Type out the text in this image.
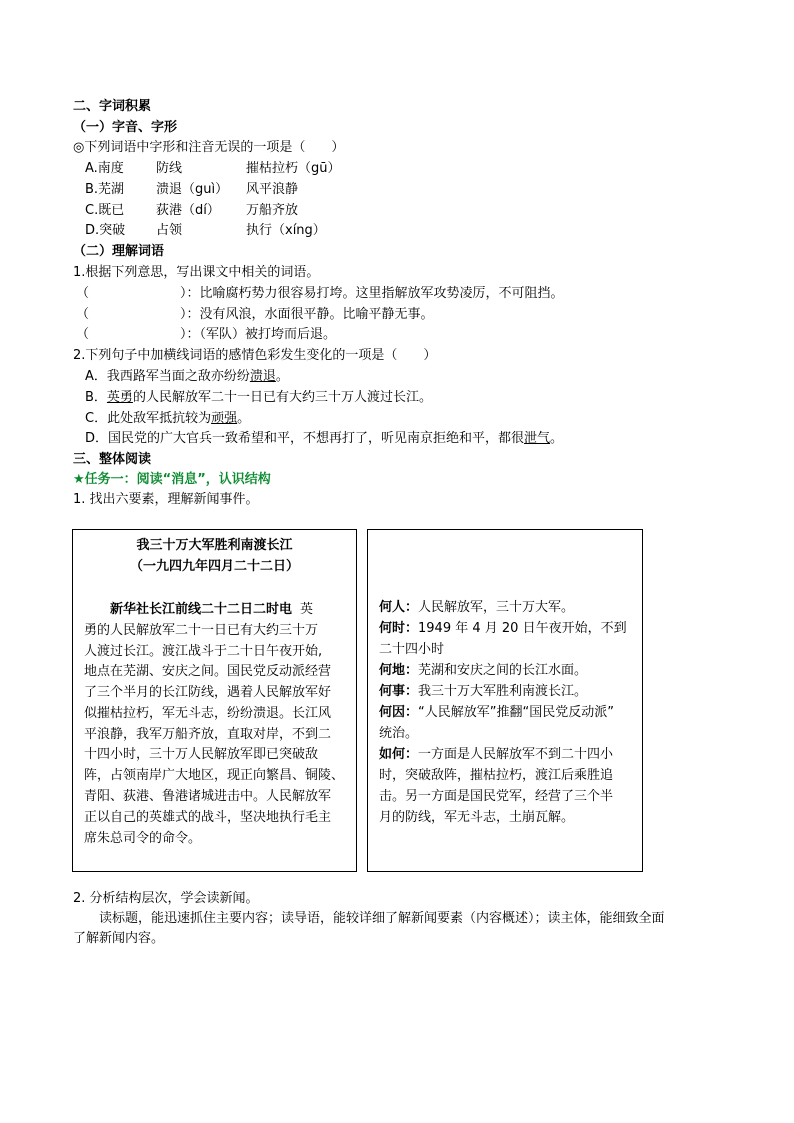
二、字词积累
（一）字音、字形
◎下列词语中字形和注音无误的一项是（　　）
A.南度 防线	摧枯拉朽（gū）
B.芜湖 溃退（guì） 风平浪静
C.既已 荻港（dí） 万船齐放
D.突破 占领	执行（xíng）
（二）理解词语
1.根据下列意思，写出课文中相关的词语。
（　　　　　　　）：比喻腐朽势力很容易打垮。这里指解放军攻势凌厉，不可阻挡。
（　　　　　　　）：没有风浪，水面很平静。比喻平静无事。
（　　　　　　　）：（军队）被打垮而后退。
2.下列句子中加横线词语的感情色彩发生变化的一项是（　　）
A．我西路军当面之敌亦纷纷溃退。
B．英勇的人民解放军二十一日已有大约三十万人渡过长江。
C．此处敌军抵抗较为顽强。
D．国民党的广大官兵一致希望和平，不想再打了，听见南京拒绝和平，都很泄气。
三、整体阅读
★任务一：阅读“消息”，认识结构
1. 找出六要素，理解新闻事件。
我三十万大军胜利南渡长江
（一九四九年四月二十二日）
新华社长江前线二十二日二时电 英
勇的人民解放军二十一日已有大约三十万
人渡过长江。渡江战斗于二十日午夜开始,
地点在芜湖、安庆之间。国民党反动派经营
了三个半月的长江防线，遇着人民解放军好
似摧枯拉朽，军无斗志，纷纷溃退。长江风
平浪静，我军万船齐放，直取对岸，不到二
十四小时，三十万人民解放军即已突破敌
阵，占领南岸广大地区，现正向繁昌、铜陵、
青阳、荻港、鲁港诸城进击中。人民解放军
正以自己的英雄式的战斗，坚决地执行毛主
席朱总司令的命令。
何人：人民解放军，三十万大军。
何时：1949 年 4 月 20 日午夜开始，不到
二十四小时
何地：芜湖和安庆之间的长江水面。
何事：我三十万大军胜利南渡长江。
何因：“人民解放军”推翻“国民党反动派”
统治。
如何：一方面是人民解放军不到二十四小
时，突破敌阵，摧枯拉朽，渡江后乘胜追
击。另一方面是国民党军，经营了三个半
月的防线，军无斗志，土崩瓦解。
2. 分析结构层次，学会读新闻。
读标题，能迅速抓住主要内容；读导语，能较详细了解新闻要素（内容概述）；读主体，能细致全面
了解新闻内容。
